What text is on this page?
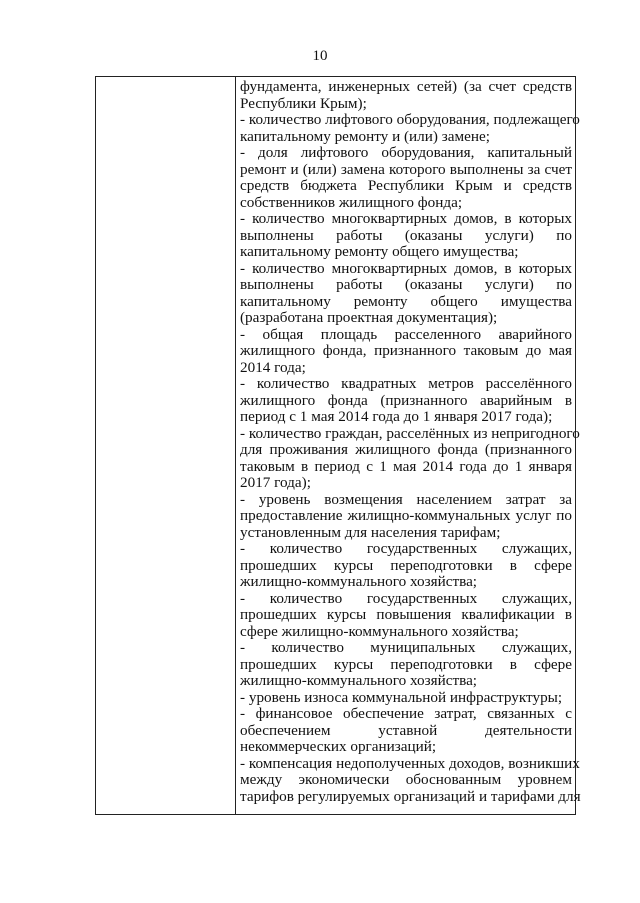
10

фундамента, инженерных сетей) (за счет средств
Республики Крым);
- количество лифтового оборудования, подлежащего
капитальному ремонту и (или) замене;
- доля лифтового оборудования, капитальный
ремонт и (или) замена которого выполнены за счет
средств бюджета Республики Крым и средств
собственников жилищного фонда;
- количество многоквартирных домов, в которых
выполнены работы (оказаны услуги) по
капитальному ремонту общего имущества;
- количество многоквартирных домов, в которых
выполнены работы (оказаны услуги) по
капитальному ремонту общего имущества
(разработана проектная документация);
- общая площадь расселенного аварийного
жилищного фонда, признанного таковым до мая
2014 года;
- количество квадратных метров расселённого
жилищного фонда (признанного аварийным в
период с 1 мая 2014 года до 1 января 2017 года);
- количество граждан, расселённых из непригодного
для проживания жилищного фонда (признанного
таковым в период с 1 мая 2014 года до 1 января
2017 года);
- уровень возмещения населением затрат за
предоставление жилищно-коммунальных услуг по
установленным для населения тарифам;
- количество государственных служащих,
прошедших курсы переподготовки в сфере
жилищно-коммунального хозяйства;
- количество государственных служащих,
прошедших курсы повышения квалификации в
сфере жилищно-коммунального хозяйства;
- количество муниципальных служащих,
прошедших курсы переподготовки в сфере
жилищно-коммунального хозяйства;
- уровень износа коммунальной инфраструктуры;
- финансовое обеспечение затрат, связанных с
обеспечением уставной деятельности
некоммерческих организаций;
- компенсация недополученных доходов, возникших
между экономически обоснованным уровнем
тарифов регулируемых организаций и тарифами для
